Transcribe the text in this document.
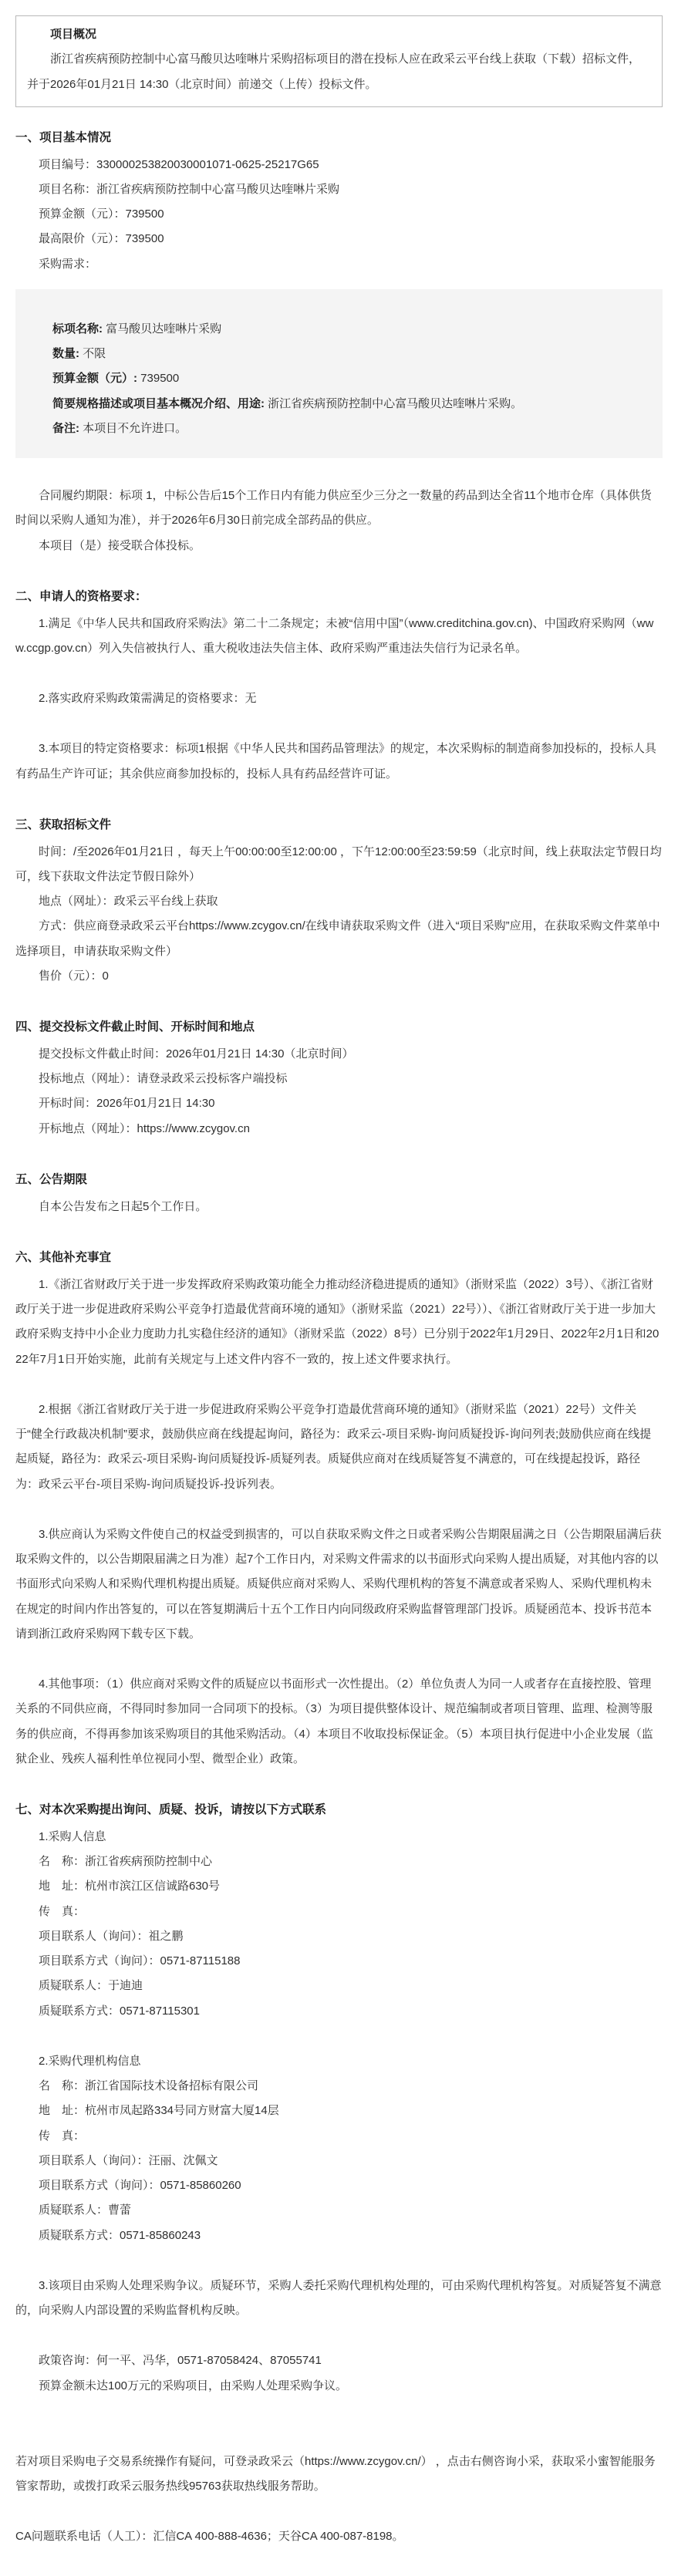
项目概况

浙江省疾病预防控制中心富马酸贝达喹啉片采购招标项目的潜在投标人应在政采云平台线上获取（下载）招标文件，并于2026年01月21日 14:30（北京时间）前递交（上传）投标文件。

一、项目基本情况

项目编号：330000253820030001071-0625-25217G65

项目名称：浙江省疾病预防控制中心富马酸贝达喹啉片采购

预算金额（元）：739500

最高限价（元）：739500

采购需求：

标项名称: 富马酸贝达喹啉片采购

数量: 不限

预算金额（元）: 739500

简要规格描述或项目基本概况介绍、用途: 浙江省疾病预防控制中心富马酸贝达喹啉片采购。

备注: 本项目不允许进口。

合同履约期限：标项 1，中标公告后15个工作日内有能力供应至少三分之一数量的药品到达全省11个地市仓库（具体供货时间以采购人通知为准），并于2026年6月30日前完成全部药品的供应。

本项目（是）接受联合体投标。

二、申请人的资格要求：

1.满足《中华人民共和国政府采购法》第二十二条规定；未被“信用中国”（www.creditchina.gov.cn)、中国政府采购网（www.ccgp.gov.cn）列入失信被执行人、重大税收违法失信主体、政府采购严重违法失信行为记录名单。

2.落实政府采购政策需满足的资格要求：无

3.本项目的特定资格要求：标项1根据《中华人民共和国药品管理法》的规定，本次采购标的制造商参加投标的，投标人具有药品生产许可证；其余供应商参加投标的，投标人具有药品经营许可证。

三、获取招标文件

时间：/至2026年01月21日 ，每天上午00:00:00至12:00:00 ，下午12:00:00至23:59:59（北京时间，线上获取法定节假日均可，线下获取文件法定节假日除外）

地点（网址）：政采云平台线上获取

方式：供应商登录政采云平台https://www.zcygov.cn/在线申请获取采购文件（进入“项目采购”应用，在获取采购文件菜单中选择项目，申请获取采购文件）

售价（元）：0

四、提交投标文件截止时间、开标时间和地点

提交投标文件截止时间：2026年01月21日 14:30（北京时间）

投标地点（网址）：请登录政采云投标客户端投标

开标时间：2026年01月21日 14:30

开标地点（网址）：https://www.zcygov.cn

五、公告期限

自本公告发布之日起5个工作日。

六、其他补充事宜

1.《浙江省财政厅关于进一步发挥政府采购政策功能全力推动经济稳进提质的通知》（浙财采监（2022）3号）、《浙江省财政厅关于进一步促进政府采购公平竞争打造最优营商环境的通知》（浙财采监（2021）22号））、《浙江省财政厅关于进一步加大政府采购支持中小企业力度助力扎实稳住经济的通知》（浙财采监（2022）8号）已分别于2022年1月29日、2022年2月1日和2022年7月1日开始实施，此前有关规定与上述文件内容不一致的，按上述文件要求执行。

2.根据《浙江省财政厅关于进一步促进政府采购公平竞争打造最优营商环境的通知》（浙财采监（2021）22号）文件关于“健全行政裁决机制”要求，鼓励供应商在线提起询问，路径为：政采云-项目采购-询问质疑投诉-询问列表;鼓励供应商在线提起质疑，路径为：政采云-项目采购-询问质疑投诉-质疑列表。质疑供应商对在线质疑答复不满意的，可在线提起投诉，路径为：政采云平台-项目采购-询问质疑投诉-投诉列表。

3.供应商认为采购文件使自己的权益受到损害的，可以自获取采购文件之日或者采购公告期限届满之日（公告期限届满后获取采购文件的，以公告期限届满之日为准）起7个工作日内，对采购文件需求的以书面形式向采购人提出质疑，对其他内容的以书面形式向采购人和采购代理机构提出质疑。质疑供应商对采购人、采购代理机构的答复不满意或者采购人、采购代理机构未在规定的时间内作出答复的，可以在答复期满后十五个工作日内向同级政府采购监督管理部门投诉。质疑函范本、投诉书范本请到浙江政府采购网下载专区下载。

4.其他事项：（1）供应商对采购文件的质疑应以书面形式一次性提出。（2）单位负责人为同一人或者存在直接控股、管理关系的不同供应商，不得同时参加同一合同项下的投标。（3）为项目提供整体设计、规范编制或者项目管理、监理、检测等服务的供应商，不得再参加该采购项目的其他采购活动。（4）本项目不收取投标保证金。（5）本项目执行促进中小企业发展（监狱企业、残疾人福利性单位视同小型、微型企业）政策。

七、对本次采购提出询问、质疑、投诉，请按以下方式联系

1.采购人信息

名　称：浙江省疾病预防控制中心

地　址：杭州市滨江区信诚路630号

传　真：

项目联系人（询问）：祖之鹏

项目联系方式（询问）：0571-87115188

质疑联系人：于迪迪

质疑联系方式：0571-87115301

2.采购代理机构信息

名　称：浙江省国际技术设备招标有限公司

地　址：杭州市凤起路334号同方财富大厦14层

传　真：

项目联系人（询问）：汪丽、沈佩文

项目联系方式（询问）：0571-85860260

质疑联系人：曹蕾

质疑联系方式：0571-85860243

3.该项目由采购人处理采购争议。质疑环节，采购人委托采购代理机构处理的，可由采购代理机构答复。对质疑答复不满意的，向采购人内部设置的采购监督机构反映。

政策咨询：何一平、冯华，0571-87058424、87055741

预算金额未达100万元的采购项目，由采购人处理采购争议。

若对项目采购电子交易系统操作有疑问，可登录政采云（https://www.zcygov.cn/） ，点击右侧咨询小采，获取采小蜜智能服务管家帮助，或拨打政采云服务热线95763获取热线服务帮助。

CA问题联系电话（人工）：汇信CA 400-888-4636；天谷CA 400-087-8198。
